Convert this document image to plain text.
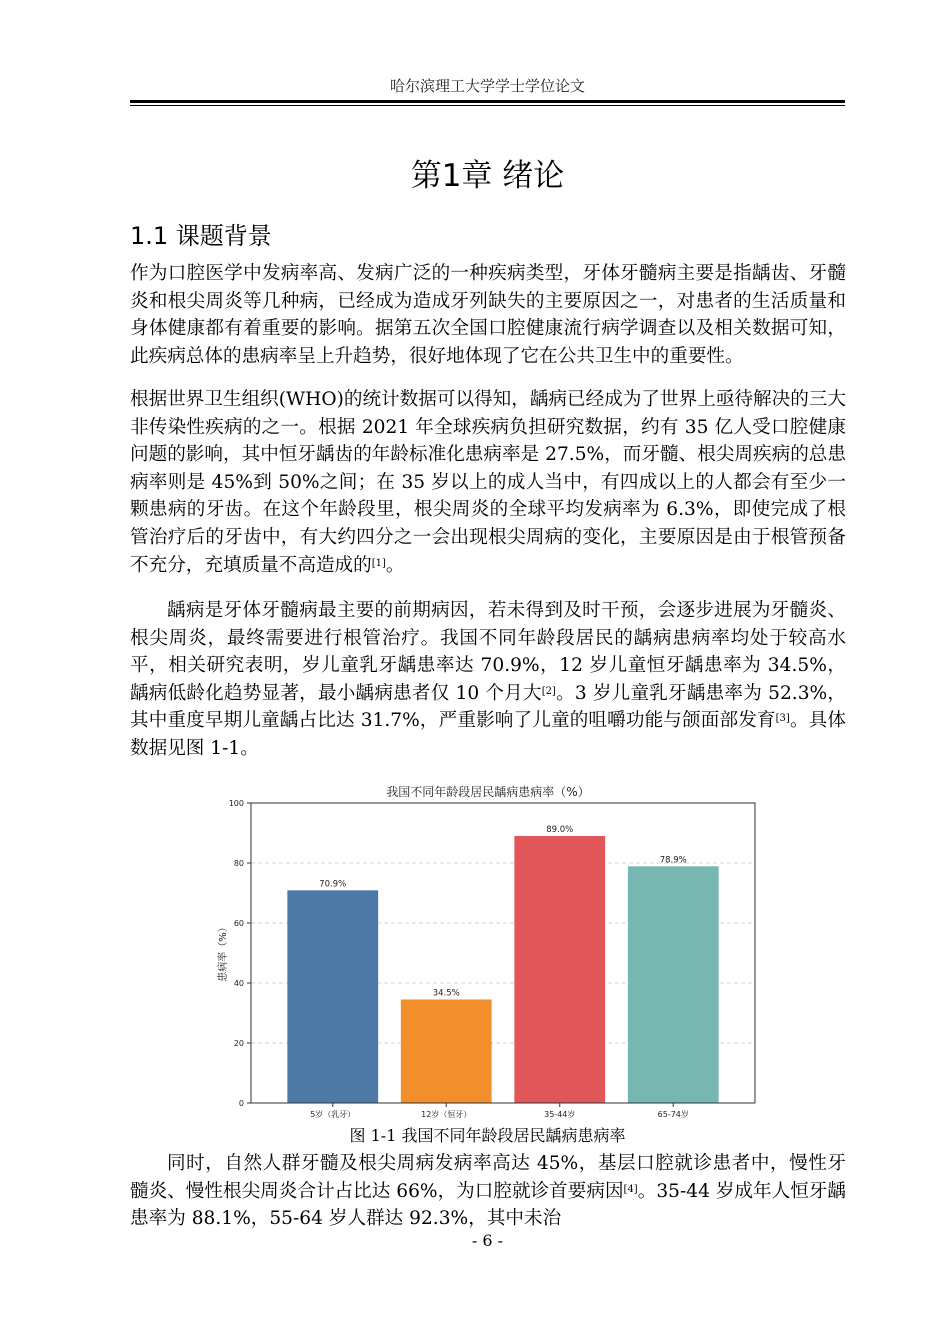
哈尔滨理工大学学士学位论文
第1章 绪论
1.1 课题背景

作为口腔医学中发病率高、发病广泛的一种疾病类型，牙体牙髓病主要是指龋齿、牙髓炎和根尖周炎等几种病，已经成为造成牙列缺失的主要原因之一，对患者的生活质量和身体健康都有着重要的影响。据第五次全国口腔健康流行病学调查以及相关数据可知，此疾病总体的患病率呈上升趋势，很好地体现了它在公共卫生中的重要性。

根据世界卫生组织(WHO)的统计数据可以得知，龋病已经成为了世界上亟待解决的三大非传染性疾病的之一。根据 2021 年全球疾病负担研究数据，约有 35 亿人受口腔健康问题的影响，其中恒牙龋齿的年龄标准化患病率是 27.5%，而牙髓、根尖周疾病的总患病率则是 45%到 50%之间；在 35 岁以上的成人当中，有四成以上的人都会有至少一颗患病的牙齿。在这个年龄段里，根尖周炎的全球平均发病率为 6.3%，即使完成了根管治疗后的牙齿中，有大约四分之一会出现根尖周病的变化，主要原因是由于根管预备不充分，充填质量不高造成的[1]。

龋病是牙体牙髓病最主要的前期病因，若未得到及时干预，会逐步进展为牙髓炎、根尖周炎，最终需要进行根管治疗。我国不同年龄段居民的龋病患病率均处于较高水平，相关研究表明，岁儿童乳牙龋患率达 70.9%，12 岁儿童恒牙龋患率为 34.5%，龋病低龄化趋势显著，最小龋病患者仅 10 个月大[2]。3 岁儿童乳牙龋患率为 52.3%，其中重度早期儿童龋占比达 31.7%，严重影响了儿童的咀嚼功能与颌面部发育[3]。具体数据见图 1-1。

我国不同年龄段居民龋病患病率（%）
患病率（%）
70.9%
34.5%
89.0%
78.9%
0
20
40
60
80
100
5岁（乳牙）	12岁（恒牙）	35-44岁	65-74岁
图 1-1 我国不同年龄段居民龋病患病率

同时，自然人群牙髓及根尖周病发病率高达 45%，基层口腔就诊患者中，慢性牙髓炎、慢性根尖周炎合计占比达 66%，为口腔就诊首要病因[4]。35-44 岁成年人恒牙龋患率为 88.1%，55-64 岁人群达 92.3%，其中未治

- 6 -
